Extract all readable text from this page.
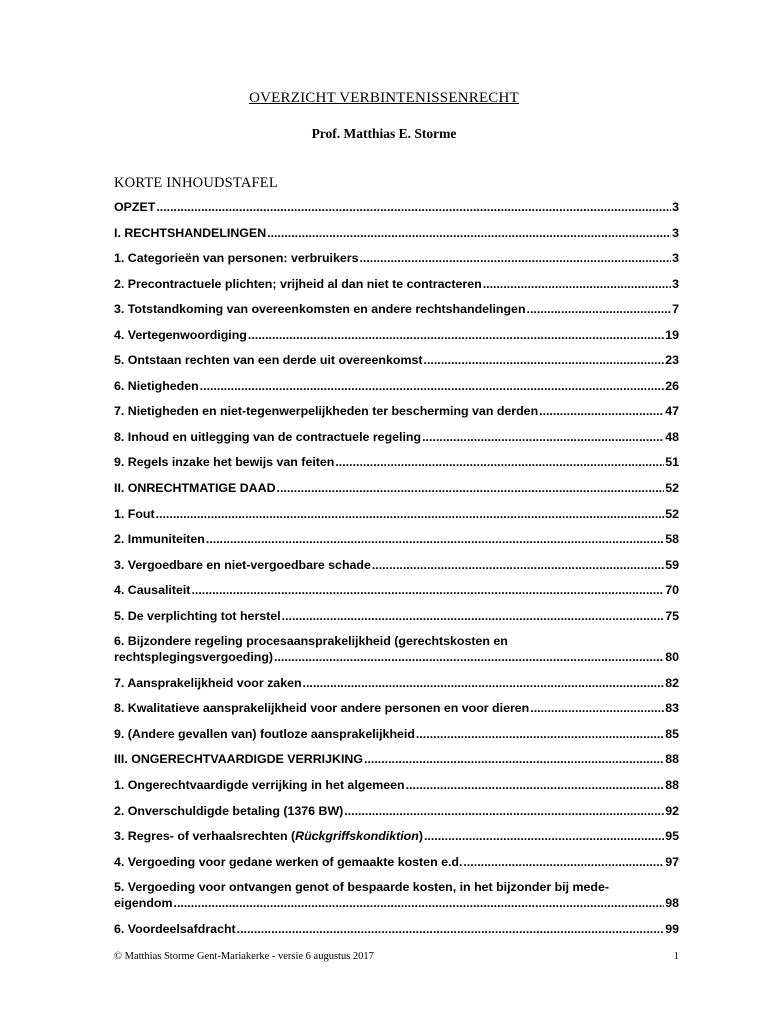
OVERZICHT VERBINTENISSENRECHT
Prof. Matthias E. Storme
KORTE INHOUDSTAFEL
OPZET .....	3
I. RECHTSHANDELINGEN .....	3
1. Categorieën van personen: verbruikers .....	3
2. Precontractuele plichten; vrijheid al dan niet te contracteren .....	3
3. Totstandkoming van overeenkomsten en andere rechtshandelingen .....	7
4. Vertegenwoordiging .....	19
5. Ontstaan rechten van een derde uit overeenkomst .....	23
6. Nietigheden .....	26
7. Nietigheden en niet-tegenwerpelijkheden ter bescherming van derden .....	47
8. Inhoud en uitlegging van de contractuele regeling .....	48
9. Regels inzake het bewijs van feiten .....	51
II. ONRECHTMATIGE DAAD .....	52
1. Fout .....	52
2. Immuniteiten .....	58
3. Vergoedbare en niet-vergoedbare schade .....	59
4. Causaliteit .....	70
5. De verplichting tot herstel .....	75
6. Bijzondere regeling procesaansprakelijkheid (gerechtskosten en
rechtsplegingsvergoeding) .....	80
7. Aansprakelijkheid voor zaken .....	82
8. Kwalitatieve aansprakelijkheid voor andere personen en voor dieren .....	83
9. (Andere gevallen van) foutloze aansprakelijkheid .....	85
III. ONGERECHTVAARDIGDE VERRIJKING .....	88
1. Ongerechtvaardigde verrijking in het algemeen .....	88
2. Onverschuldigde betaling (1376 BW) .....	92
3. Regres- of verhaalsrechten (Rückgriffskondiktion) .....	95
4. Vergoeding voor gedane werken of gemaakte kosten e.d. .....	97
5. Vergoeding voor ontvangen genot of bespaarde kosten, in het bijzonder bij mede-
eigendom .....	98
6. Voordeelsafdracht .....	99
© Matthias Storme Gent-Mariakerke - versie 6 augustus 2017	1
